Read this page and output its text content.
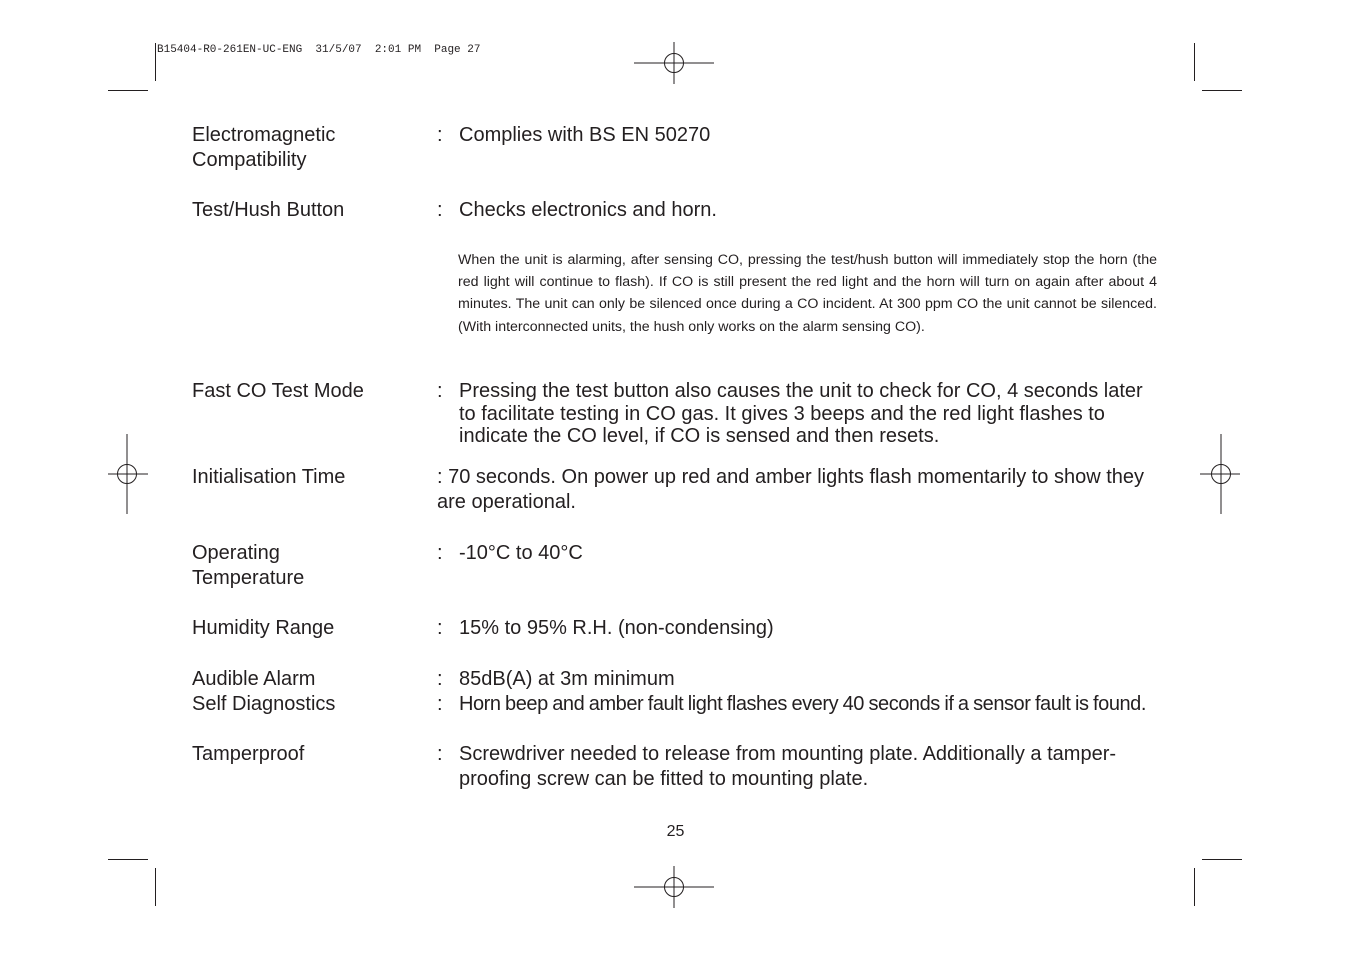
B15404-R0-261EN-UC-ENG  31/5/07  2:01 PM  Page 27
Electromagnetic
Compatibility
: Complies with BS EN 50270
Test/Hush Button	: Checks electronics and horn.
When the unit is alarming, after sensing CO, pressing the test/hush button will immediately stop the horn (the red light will continue to flash). If CO is still present the red light and the horn will turn on again after about 4 minutes. The unit can only be silenced once during a CO incident. At 300 ppm CO the unit cannot be silenced. (With interconnected units, the hush only works on the alarm sensing CO).
Fast CO Test Mode	: Pressing the test button also causes the unit to check for CO, 4 seconds later to facilitate testing in CO gas. It gives 3 beeps and the red light flashes to indicate the CO level, if CO is sensed and then resets.
Initialisation Time	: 70 seconds. On power up red and amber lights flash momentarily to show they are operational.
Operating
Temperature
: -10°C to 40°C
Humidity Range	: 15% to 95% R.H. (non-condensing)
Audible Alarm	: 85dB(A) at 3m minimum
Self Diagnostics	: Horn beep and amber fault light flashes every 40 seconds if a sensor fault is found.
Tamperproof	: Screwdriver needed to release from mounting plate. Additionally a tamper-proofing screw can be fitted to mounting plate.
25
